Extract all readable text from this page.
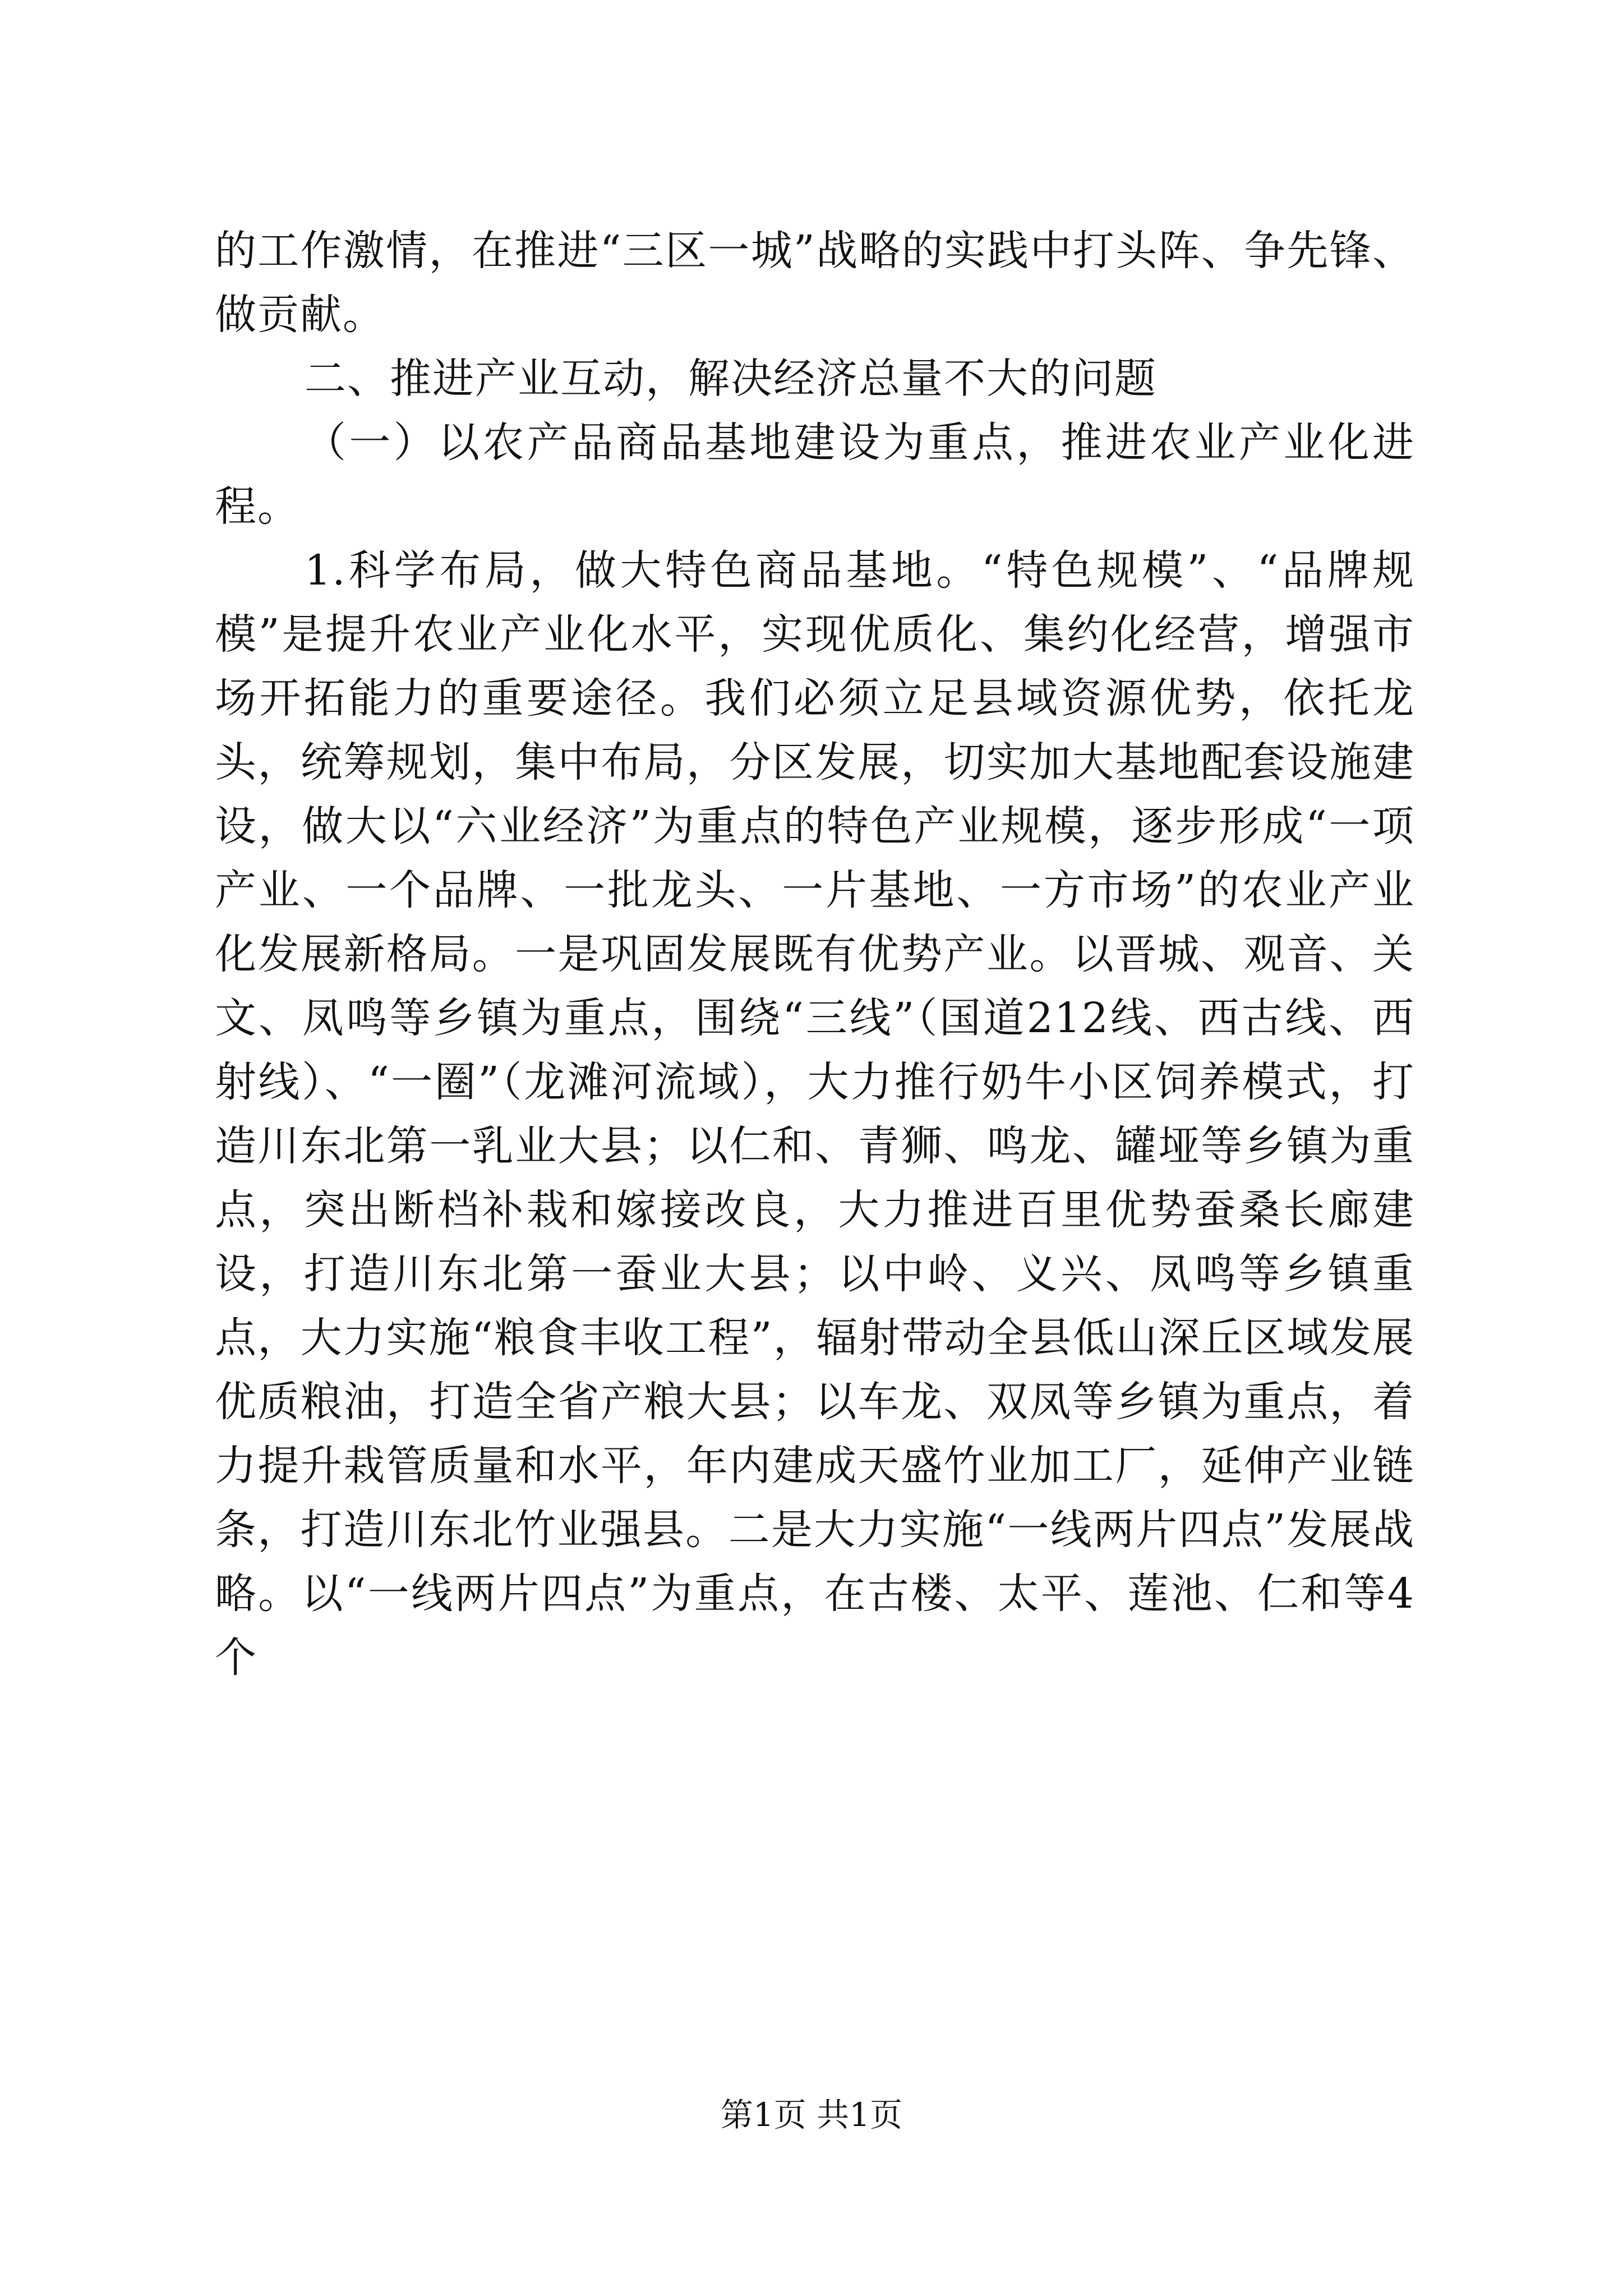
的工作激情，在推进“三区一城”战略的实践中打头阵、争先锋、做贡献。

二、推进产业互动，解决经济总量不大的问题

（一）以农产品商品基地建设为重点，推进农业产业化进程。

1.科学布局，做大特色商品基地。“特色规模”、“品牌规模”是提升农业产业化水平，实现优质化、集约化经营，增强市场开拓能力的重要途径。我们必须立足县域资源优势，依托龙头，统筹规划，集中布局，分区发展，切实加大基地配套设施建设，做大以“六业经济”为重点的特色产业规模，逐步形成“一项产业、一个品牌、一批龙头、一片基地、一方市场”的农业产业化发展新格局。一是巩固发展既有优势产业。以晋城、观音、关文、凤鸣等乡镇为重点，围绕“三线”（国道212线、西古线、西射线）、“一圈”（龙滩河流域），大力推行奶牛小区饲养模式，打造川东北第一乳业大县；以仁和、青狮、鸣龙、罐垭等乡镇为重点，突出断档补栽和嫁接改良，大力推进百里优势蚕桑长廊建设，打造川东北第一蚕业大县；以中岭、义兴、凤鸣等乡镇重点，大力实施“粮食丰收工程”，辐射带动全县低山深丘区域发展优质粮油，打造全省产粮大县；以车龙、双凤等乡镇为重点，着力提升栽管质量和水平，年内建成天盛竹业加工厂，延伸产业链条，打造川东北竹业强县。二是大力实施“一线两片四点”发展战略。以“一线两片四点”为重点，在古楼、太平、莲池、仁和等4个

第1页 共1页
